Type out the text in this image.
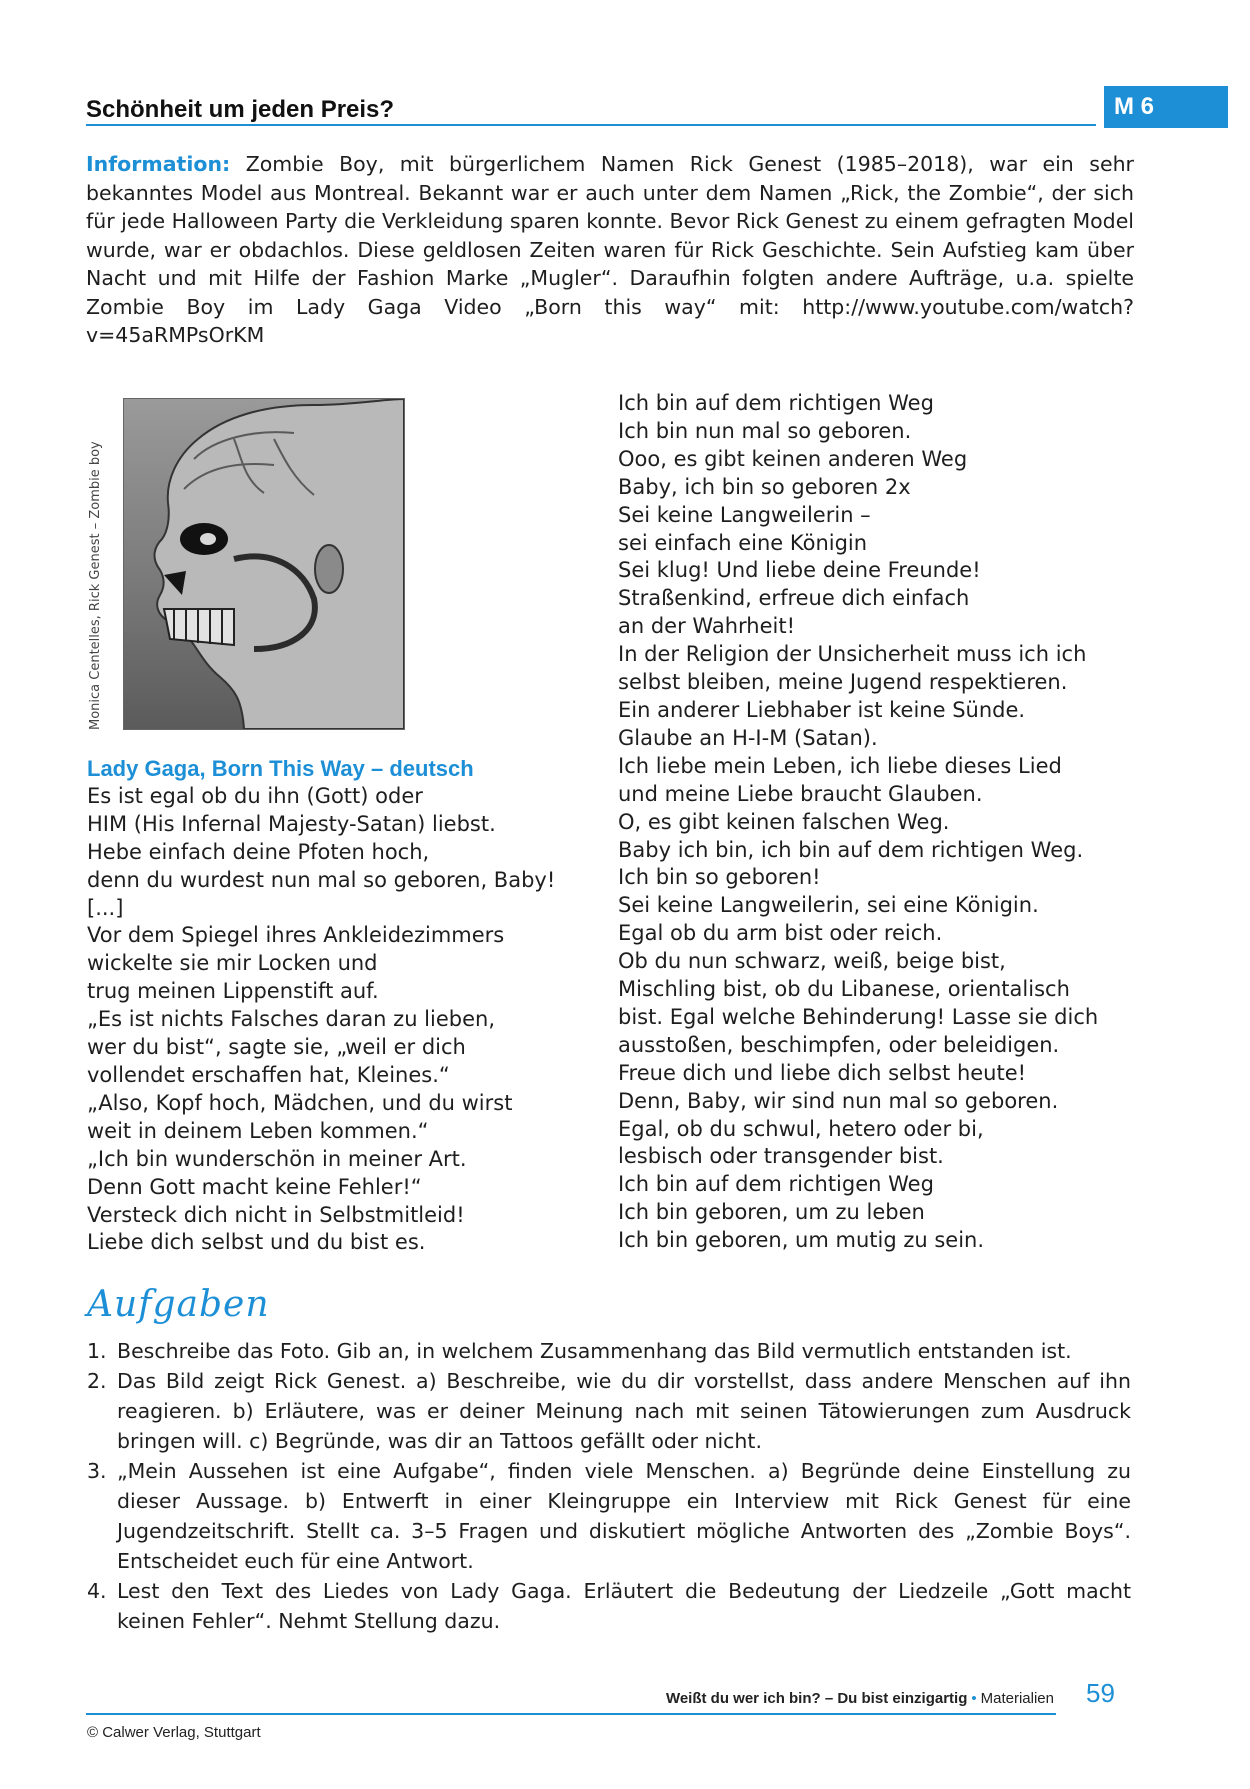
Schönheit um jeden Preis?	M 6
Information: Zombie Boy, mit bürgerlichem Namen Rick Genest (1985–2018), war ein sehr bekanntes Model aus Montreal. Bekannt war er auch unter dem Namen „Rick, the Zombie“, der sich für jede Halloween Party die Verkleidung sparen konnte. Bevor Rick Genest zu einem gefragten Model wurde, war er obdachlos. Diese geldlosen Zeiten waren für Rick Geschichte. Sein Aufstieg kam über Nacht und mit Hilfe der Fashion Marke „Mugler“. Daraufhin folgten andere Aufträge, u.a. spielte Zombie Boy im Lady Gaga Video „Born this way“ mit: http://www.youtube.com/watch?v=45aRMPsOrKM
Monica Centelles, Rick Genest – Zombie boy
Lady Gaga, Born This Way – deutsch
Es ist egal ob du ihn (Gott) oder
HIM (His Infernal Majesty-Satan) liebst.
Hebe einfach deine Pfoten hoch,
denn du wurdest nun mal so geboren, Baby!
[...]
Vor dem Spiegel ihres Ankleidezimmers
wickelte sie mir Locken und
trug meinen Lippenstift auf.
„Es ist nichts Falsches daran zu lieben,
wer du bist“, sagte sie, „weil er dich
vollendet erschaffen hat, Kleines.“
„Also, Kopf hoch, Mädchen, und du wirst
weit in deinem Leben kommen.“
„Ich bin wunderschön in meiner Art.
Denn Gott macht keine Fehler!“
Versteck dich nicht in Selbstmitleid!
Liebe dich selbst und du bist es.
Ich bin auf dem richtigen Weg
Ich bin nun mal so geboren.
Ooo, es gibt keinen anderen Weg
Baby, ich bin so geboren 2x
Sei keine Langweilerin –
sei einfach eine Königin
Sei klug! Und liebe deine Freunde!
Straßenkind, erfreue dich einfach
an der Wahrheit!
In der Religion der Unsicherheit muss ich ich
selbst bleiben, meine Jugend respektieren.
Ein anderer Liebhaber ist keine Sünde.
Glaube an H-I-M (Satan).
Ich liebe mein Leben, ich liebe dieses Lied
und meine Liebe braucht Glauben.
O, es gibt keinen falschen Weg.
Baby ich bin, ich bin auf dem richtigen Weg.
Ich bin so geboren!
Sei keine Langweilerin, sei eine Königin.
Egal ob du arm bist oder reich.
Ob du nun schwarz, weiß, beige bist,
Mischling bist, ob du Libanese, orientalisch
bist. Egal welche Behinderung! Lasse sie dich
ausstoßen, beschimpfen, oder beleidigen.
Freue dich und liebe dich selbst heute!
Denn, Baby, wir sind nun mal so geboren.
Egal, ob du schwul, hetero oder bi,
lesbisch oder transgender bist.
Ich bin auf dem richtigen Weg
Ich bin geboren, um zu leben
Ich bin geboren, um mutig zu sein.
Aufgaben
1. Beschreibe das Foto. Gib an, in welchem Zusammenhang das Bild vermutlich entstanden ist.
2. Das Bild zeigt Rick Genest. a) Beschreibe, wie du dir vorstellst, dass andere Menschen auf ihn reagieren. b) Erläutere, was er deiner Meinung nach mit seinen Tätowierungen zum Ausdruck bringen will. c) Begründe, was dir an Tattoos gefällt oder nicht.
3. „Mein Aussehen ist eine Aufgabe“, finden viele Menschen. a) Begründe deine Einstellung zu dieser Aussage. b) Entwerft in einer Kleingruppe ein Interview mit Rick Genest für eine Jugendzeitschrift. Stellt ca. 3–5 Fragen und diskutiert mögliche Antworten des „Zombie Boys“. Entscheidet euch für eine Antwort.
4. Lest den Text des Liedes von Lady Gaga. Erläutert die Bedeutung der Liedzeile „Gott macht keinen Fehler“. Nehmt Stellung dazu.
Weißt du wer ich bin? – Du bist einzigartig • Materialien 59
© Calwer Verlag, Stuttgart
